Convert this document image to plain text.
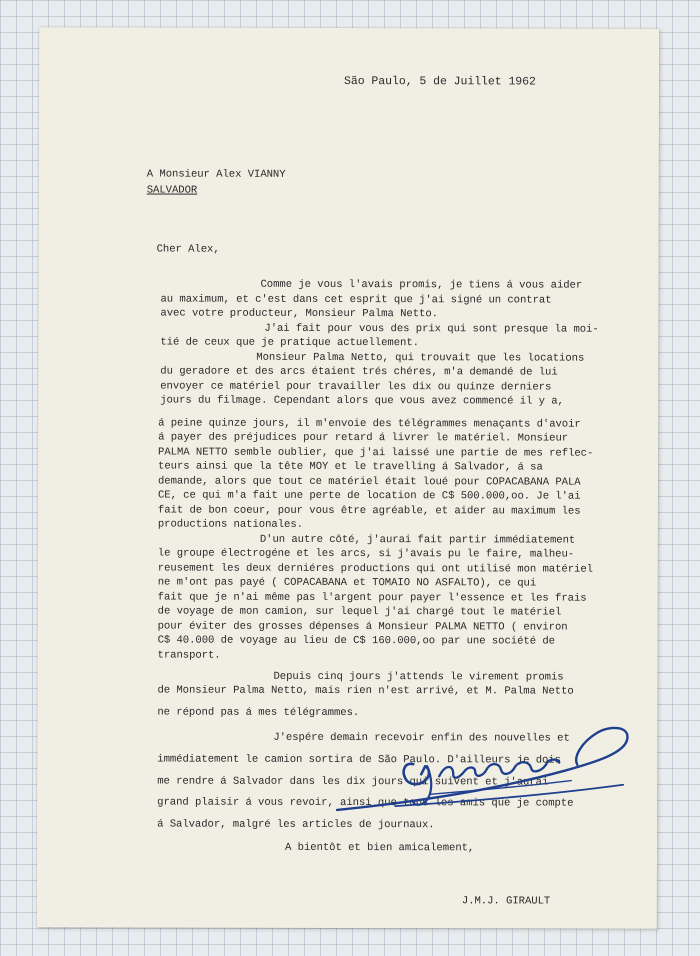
São Paulo, 5 de Juillet 1962
A Monsieur Alex VIANNY
SALVADOR
Cher Alex,
Comme je vous l'avais promis, je tiens á vous aider
au maximum, et c'est dans cet esprit que j'ai signé un contrat
avec votre producteur, Monsieur Palma Netto.
J'ai fait pour vous des prix qui sont presque la moi-
tié de ceux que je pratique actuellement.
Monsieur Palma Netto, qui trouvait que les locations
du geradore et des arcs étaient trés chéres, m'a demandé de lui
envoyer ce matériel pour travailler les dix ou quinze derniers
jours du filmage. Cependant alors que vous avez commencé il y a,
á peine quinze jours, il m'envoie des télégrammes menaçants d'avoir
á payer des préjudices pour retard á livrer le matériel. Monsieur
PALMA NETTO semble oublier, que j'ai laissé une partie de mes reflec-
teurs ainsi que la tête MOY et le travelling á Salvador, á sa
demande, alors que tout ce matériel était loué pour COPACABANA PALA
CE, ce qui m'a fait une perte de location de C$ 500.000,oo. Je l'ai
fait de bon coeur, pour vous être agréable, et aider au maximum les
productions nationales.
D'un autre côté, j'aurai fait partir immédiatement
le groupe électrogéne et les arcs, si j'avais pu le faire, malheu-
reusement les deux derniéres productions qui ont utilisé mon matériel
ne m'ont pas payé ( COPACABANA et TOMAIO NO ASFALTO), ce qui
fait que je n'ai même pas l'argent pour payer l'essence et les frais
de voyage de mon camion, sur lequel j'ai chargé tout le matériel
pour éviter des grosses dépenses á Monsieur PALMA NETTO ( environ
C$ 40.000 de voyage au lieu de C$ 160.000,oo par une société de
transport.
Depuis cinq jours j'attends le virement promis
de Monsieur Palma Netto, mais rien n'est arrivé, et M. Palma Netto
ne répond pas á mes télégrammes.
J'espére demain recevoir enfin des nouvelles et
immédiatement le camion sortira de São Paulo. D'ailleurs je dois
me rendre á Salvador dans les dix jours qui suivent et j'aurai
grand plaisir á vous revoir, ainsi que tous les amis que je compte
á Salvador, malgré les articles de journaux.
A bientôt et bien amicalement,
J.M.J. GIRAULT
